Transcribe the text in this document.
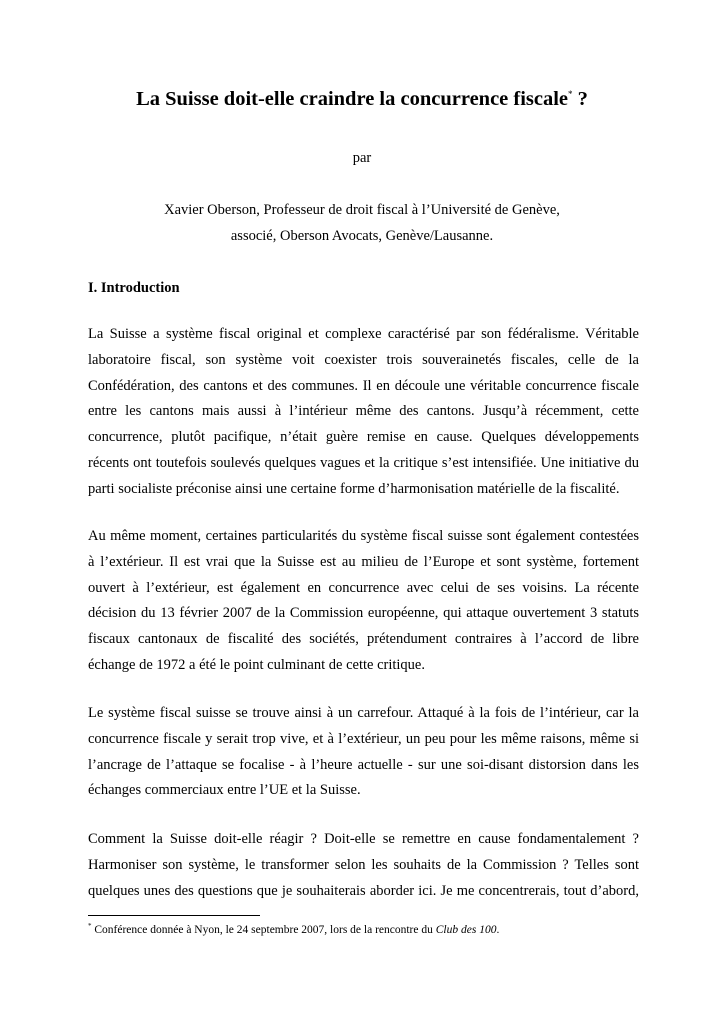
La Suisse doit-elle craindre la concurrence fiscale* ?
par
Xavier Oberson, Professeur de droit fiscal à l’Université de Genève,
associé, Oberson Avocats, Genève/Lausanne.
I. Introduction
La Suisse a système fiscal original et complexe caractérisé par son fédéralisme. Véritable
laboratoire fiscal, son système voit coexister trois souverainetés fiscales, celle de la
Confédération, des cantons et des communes. Il en découle une véritable concurrence fiscale
entre les cantons mais aussi à l’intérieur même des cantons. Jusqu’à récemment, cette
concurrence, plutôt pacifique, n’était guère remise en cause. Quelques développements
récents ont toutefois soulevés quelques vagues et la critique s’est intensifiée. Une initiative du
parti socialiste préconise ainsi une certaine forme d’harmonisation matérielle de la fiscalité.
Au même moment, certaines particularités du système fiscal suisse sont également contestées
à l’extérieur. Il est vrai que la Suisse est au milieu de l’Europe et sont système, fortement
ouvert à l’extérieur, est également en concurrence avec celui de ses voisins. La récente
décision du 13 février 2007 de la Commission européenne, qui attaque ouvertement 3 statuts
fiscaux cantonaux de fiscalité des sociétés, prétendument contraires à l’accord de libre
échange de 1972 a été le point culminant de cette critique.
Le système fiscal suisse se trouve ainsi à un carrefour. Attaqué à la fois de l’intérieur, car la
concurrence fiscale y serait trop vive, et à l’extérieur, un peu pour les même raisons, même si
l’ancrage de l’attaque se focalise - à l’heure actuelle - sur une soi-disant distorsion dans les
échanges commerciaux entre l’UE et la Suisse.
Comment la Suisse doit-elle réagir ? Doit-elle se remettre en cause fondamentalement ?
Harmoniser son système, le transformer selon les souhaits de la Commission ? Telles sont
quelques unes des questions que je souhaiterais aborder ici. Je me concentrerais, tout d’abord,
* Conférence donnée à Nyon, le 24 septembre 2007, lors de la rencontre du Club des 100.
